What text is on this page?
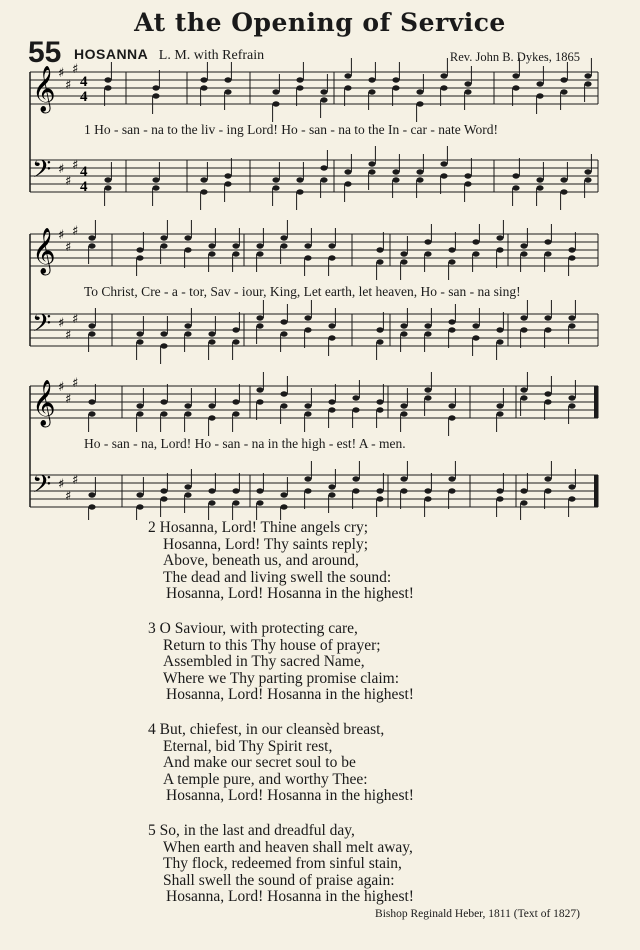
At the Opening of Service
55 HOSANNA L. M. with Refrain	Rev. John B. Dykes, 1865
𝄞 ♯
♯
♯
𝄢 ♯
♯
♯
𝄞 ♯
♯
♯
𝄢 ♯
♯
♯
𝄞 ♯
♯
♯
𝄢 ♯
♯
♯
4
4
4
4
1 Ho - san - na to the liv - ing Lord! Ho - san - na to the In - car - nate Word!
To Christ, Cre - a - tor, Sav - iour, King, Let earth, let heaven, Ho - san - na sing!
Ho - san - na, Lord! Ho - san - na in the high - est! A - men.
2 Hosanna, Lord! Thine angels cry;
Hosanna, Lord! Thy saints reply;
Above, beneath us, and around,
The dead and living swell the sound:
Hosanna, Lord! Hosanna in the highest!
3 O Saviour, with protecting care,
Return to this Thy house of prayer;
Assembled in Thy sacred Name,
Where we Thy parting promise claim:
Hosanna, Lord! Hosanna in the highest!
4 But, chiefest, in our cleansèd breast,
Eternal, bid Thy Spirit rest,
And make our secret soul to be
A temple pure, and worthy Thee:
Hosanna, Lord! Hosanna in the highest!
5 So, in the last and dreadful day,
When earth and heaven shall melt away,
Thy flock, redeemed from sinful stain,
Shall swell the sound of praise again:
Hosanna, Lord! Hosanna in the highest!
Bishop Reginald Heber, 1811 (Text of 1827)
